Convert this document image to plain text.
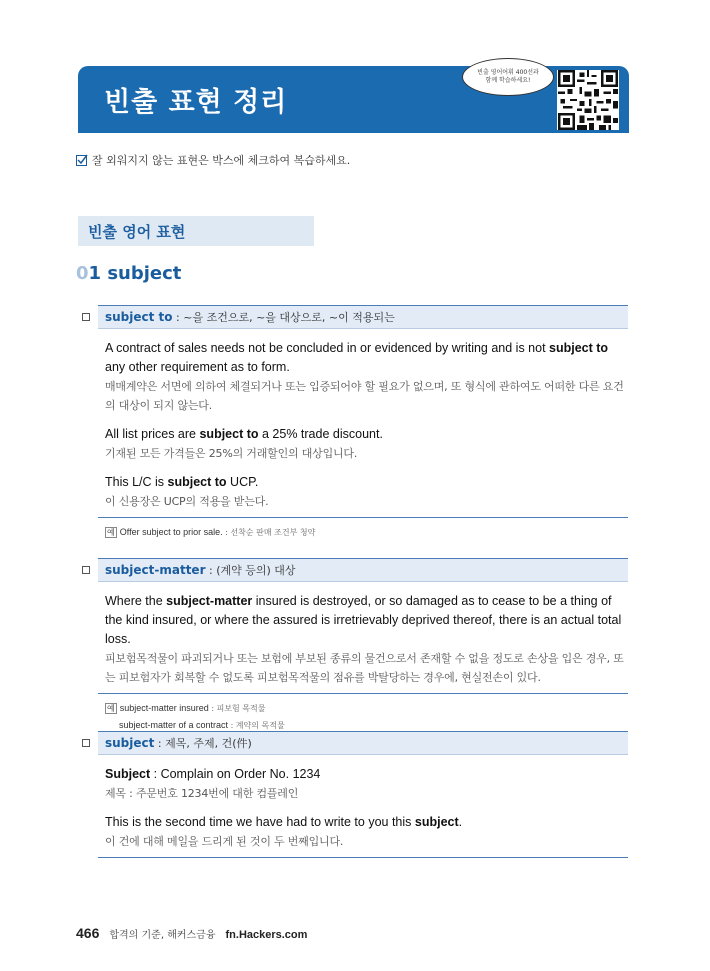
빈출 표현 정리
빈출 영어어휘 400선과
함께 학습하세요!
잘 외워지지 않는 표현은 박스에 체크하여 복습하세요.
빈출 영어 표현
01 subject
subject to : ~을 조건으로, ~을 대상으로, ~이 적용되는
A contract of sales needs not be concluded in or evidenced by writing and is not subject to any other requirement as to form.
매매계약은 서면에 의하여 체결되거나 또는 입증되어야 할 필요가 없으며, 또 형식에 관하여도 어떠한 다른 요건의 대상이 되지 않는다.
All list prices are subject to a 25% trade discount.
기재된 모든 가격들은 25%의 거래할인의 대상입니다.
This L/C is subject to UCP.
이 신용장은 UCP의 적용을 받는다.
예 Offer subject to prior sale. : 선착순 판매 조건부 청약
subject-matter : (계약 등의) 대상
Where the subject-matter insured is destroyed, or so damaged as to cease to be a thing of the kind insured, or where the assured is irretrievably deprived thereof, there is an actual total loss.
피보험목적물이 파괴되거나 또는 보험에 부보된 종류의 물건으로서 존재할 수 없을 정도로 손상을 입은 경우, 또는 피보험자가 회복할 수 없도록 피보험목적물의 점유를 박탈당하는 경우에, 현실전손이 있다.
예 subject-matter insured : 피보험 목적물
subject-matter of a contract : 계약의 목적물
subject : 제목, 주제, 건(件)
Subject : Complain on Order No. 1234
제목 : 주문번호 1234번에 대한 컴플레인
This is the second time we have had to write to you this subject.
이 건에 대해 메일을 드리게 된 것이 두 번째입니다.
466 합격의 기준, 해커스금융 fn.Hackers.com
